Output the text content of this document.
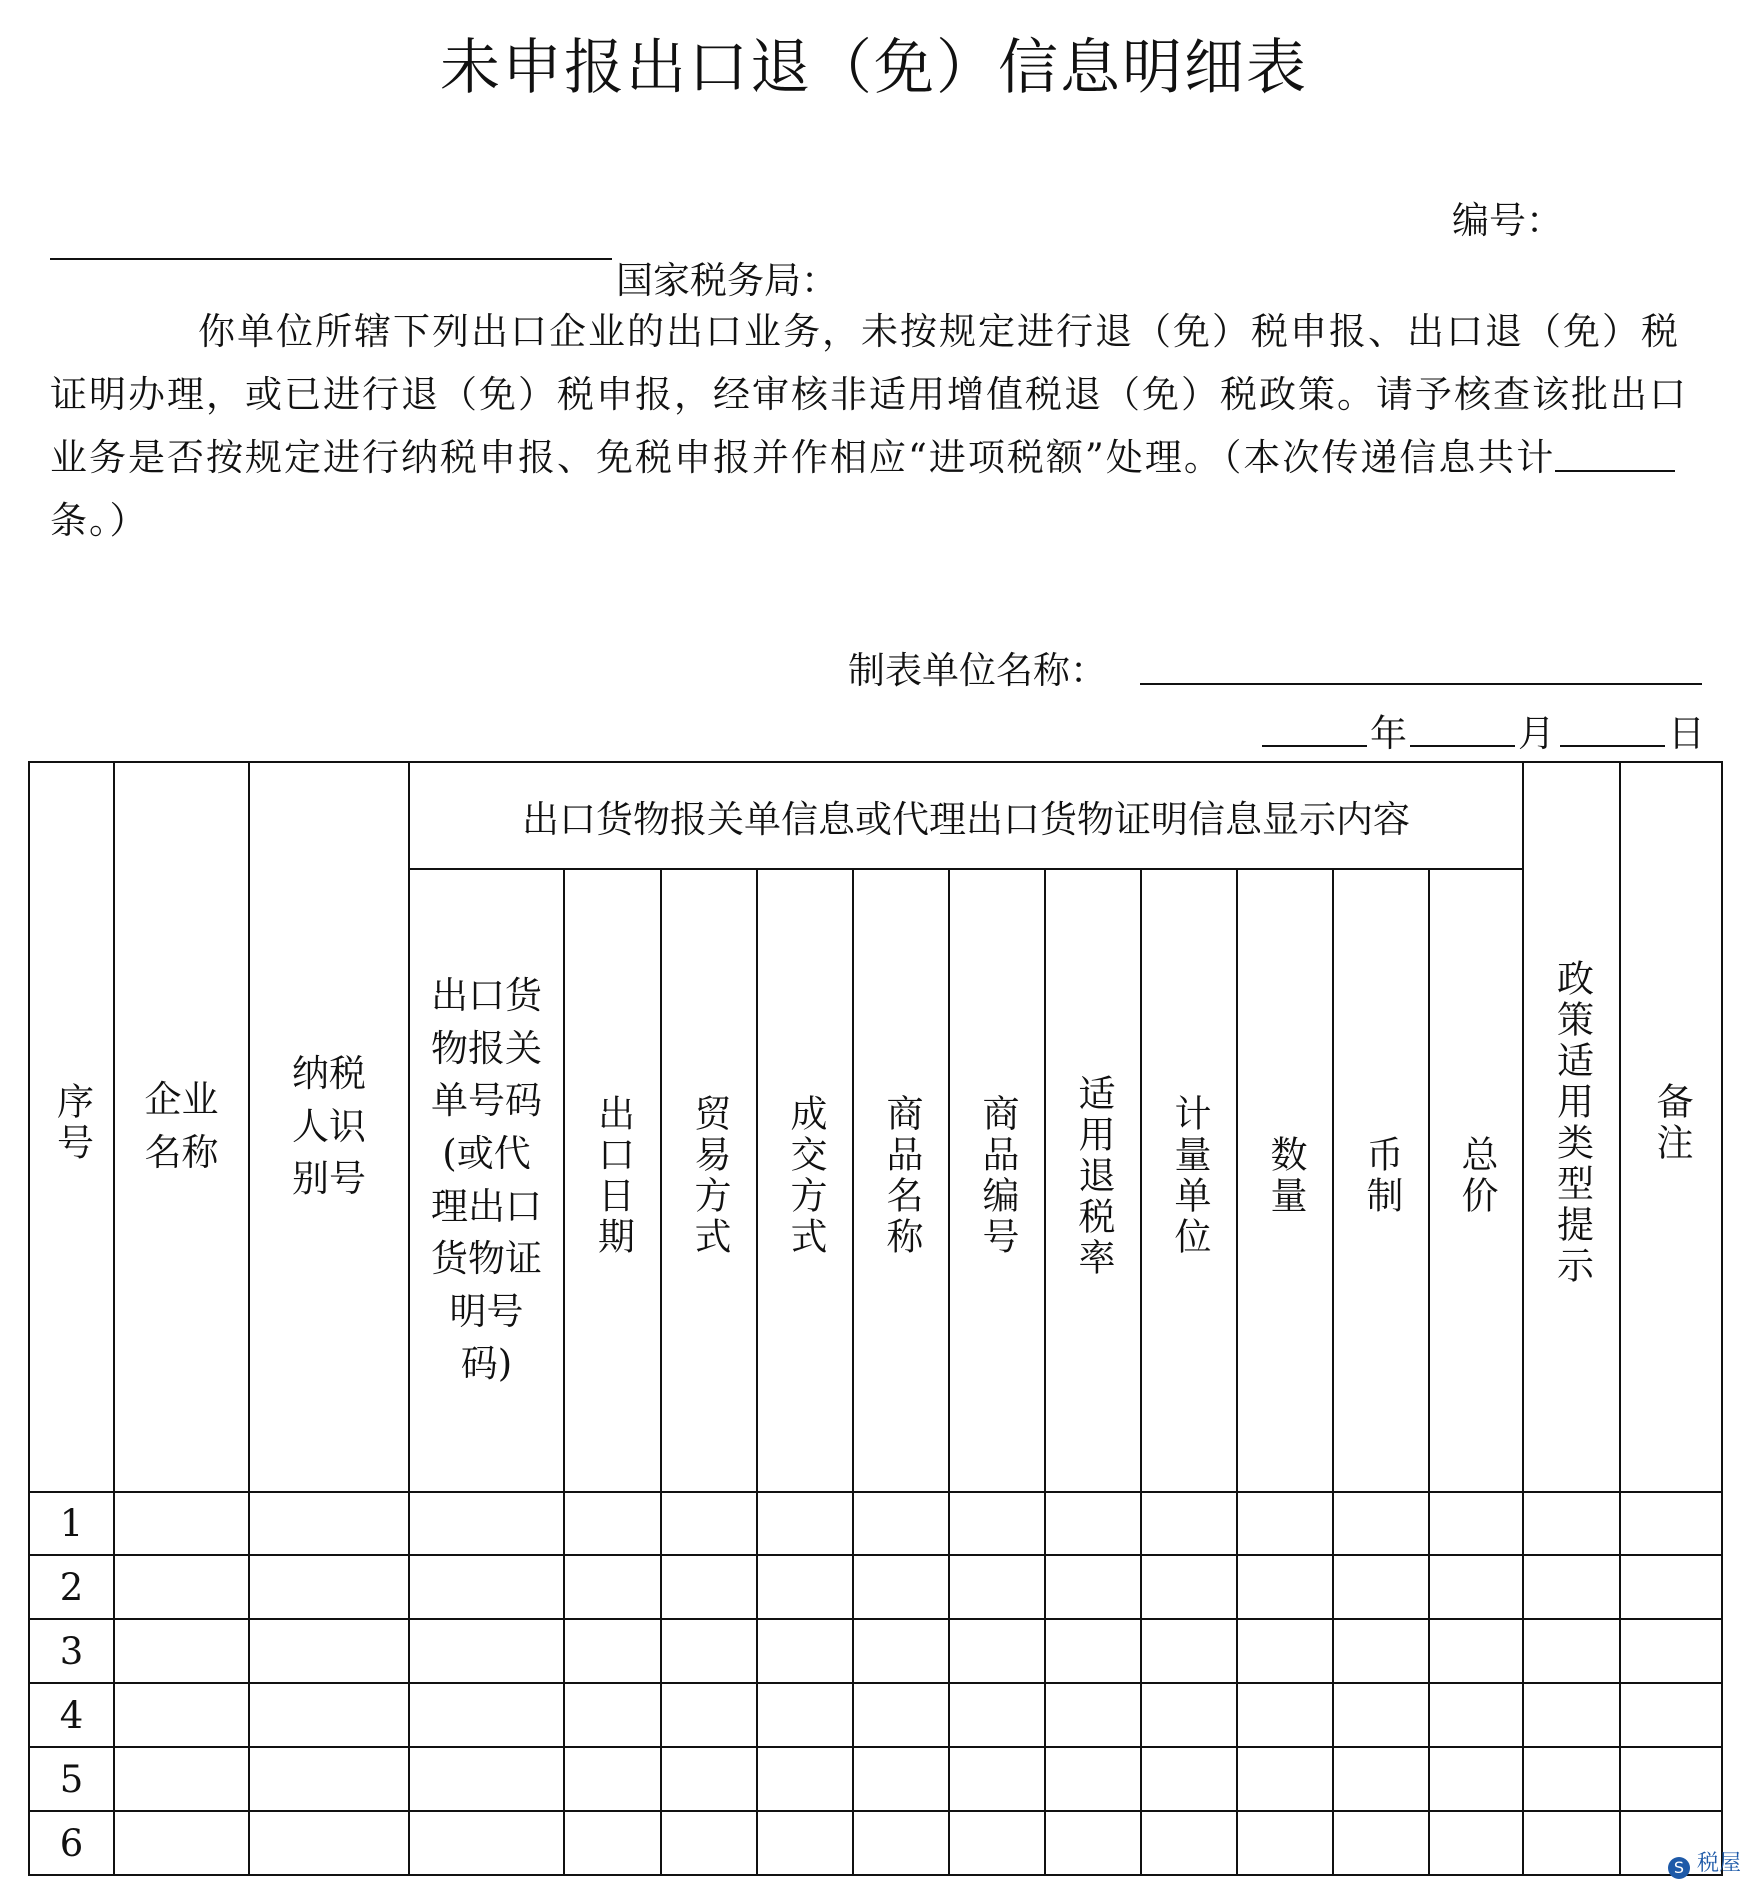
未申报出口退（免）信息明细表
编号：
国家税务局：
你单位所辖下列出口企业的出口业务，未按规定进行退（免）税申报、出口退（免）税证明办理，或已进行退（免）税申报，经审核非适用增值税退（免）税政策。请予核查该批出口业务是否按规定进行纳税申报、免税申报并作相应“进项税额”处理。（本次传递信息共计条。）
制表单位名称：
年	月	日
序号	企业名称	纳税人识别号	出口货物报关单信息或代理出口货物证明信息显示内容											政策适用类型提示	备注
			出口货物报关单号码(或代理出口货物证明号码)	出口日期	贸易方式	成交方式	商品名称	商品编号	适用退税率	计量单位	数量	币制	总价		
1															
2															
3															
4															
5															
6															
S 税屋
